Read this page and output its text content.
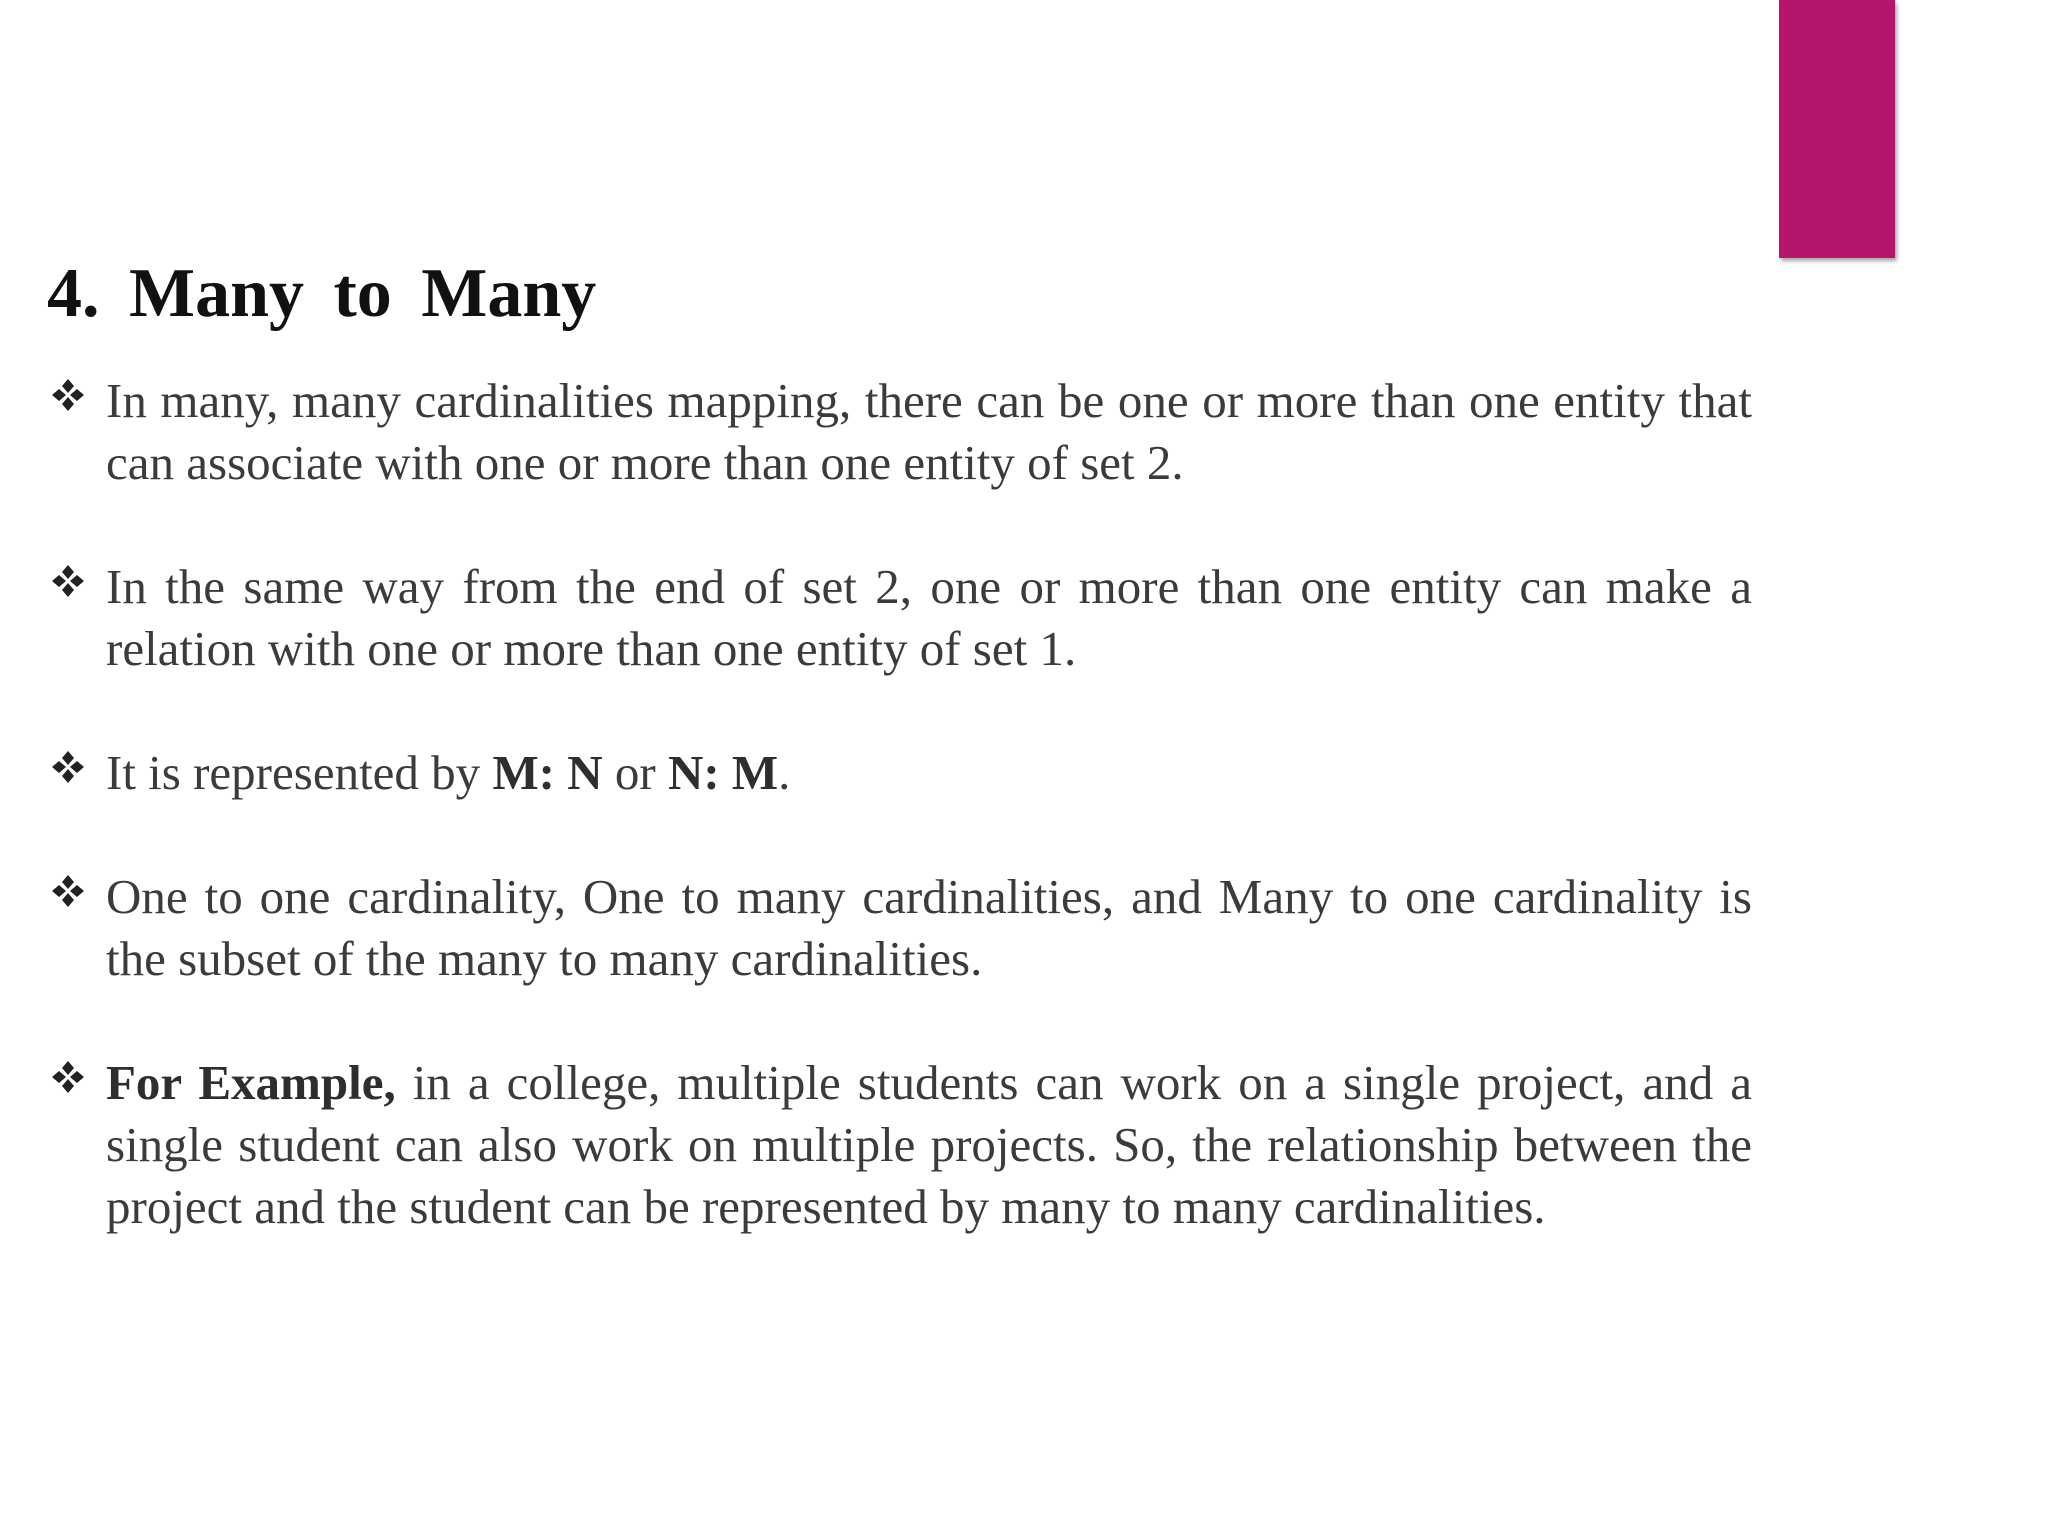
4. Many to Many
In many, many cardinalities mapping, there can be one or more than one entity that can associate with one or more than one entity of set 2.
In the same way from the end of set 2, one or more than one entity can make a relation with one or more than one entity of set 1.
It is represented by M: N or N: M.
One to one cardinality, One to many cardinalities, and Many to one cardinality is the subset of the many to many cardinalities.
For Example, in a college, multiple students can work on a single project, and a single student can also work on multiple projects. So, the relationship between the project and the student can be represented by many to many cardinalities.
